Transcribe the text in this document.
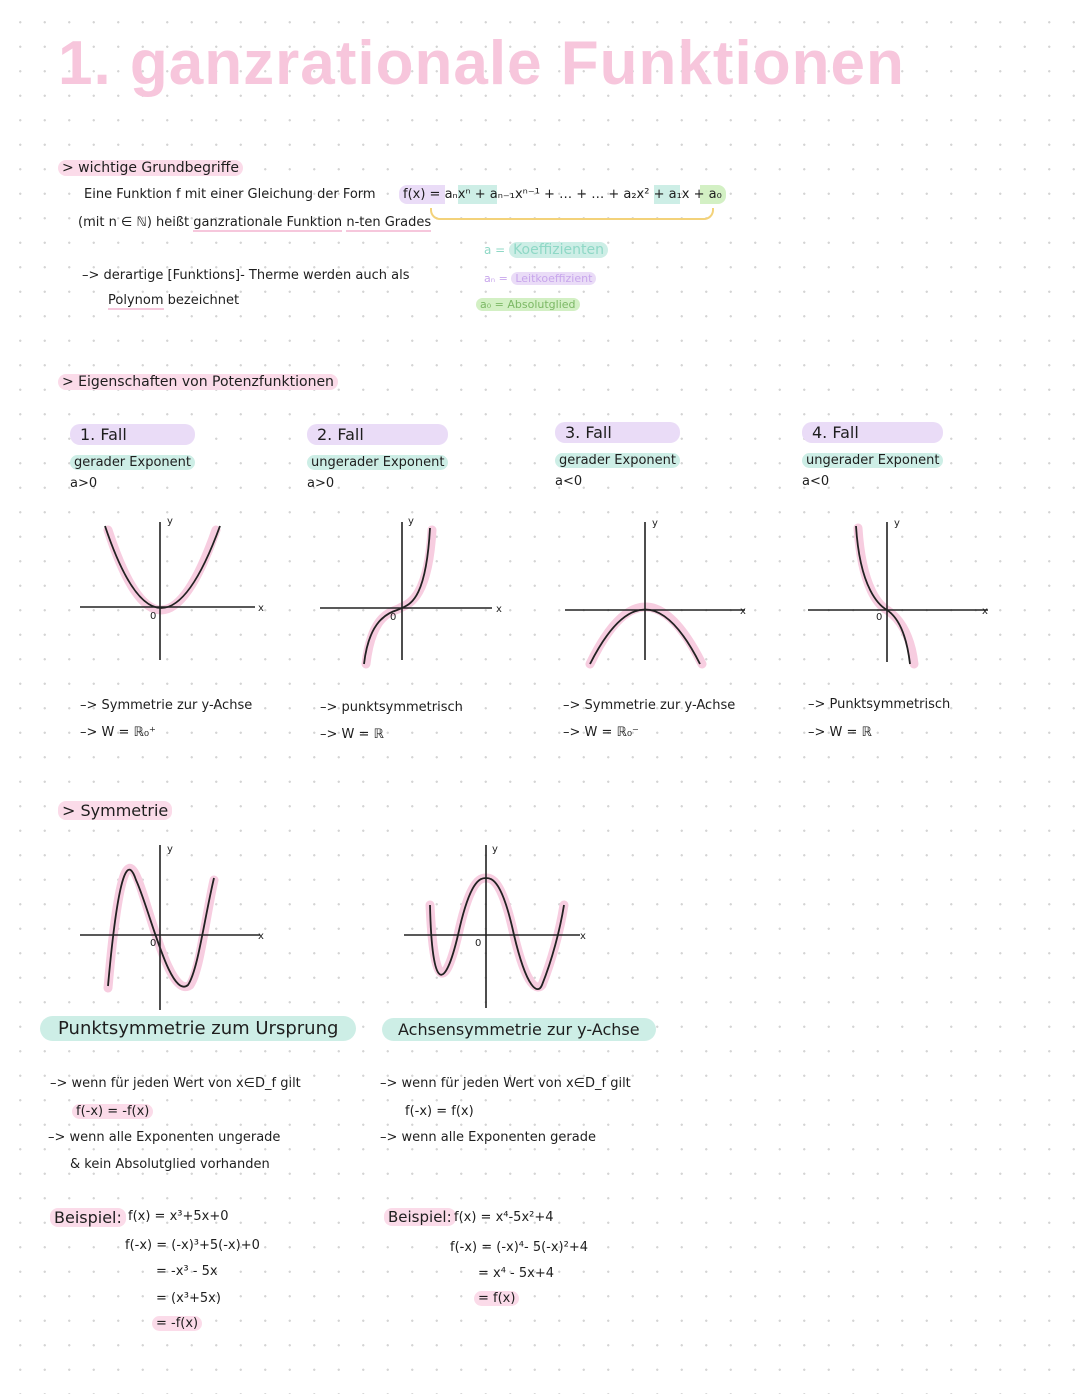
1. ganzrationale Funktionen
> wichtige Grundbegriffe
Eine Funktion f mit einer Gleichung der Form	f(x) = aₙxⁿ + aₙ₋₁xⁿ⁻¹ + … + … + a₂x² + a₁x + a₀
(mit n ∈ ℕ) heißt ganzrationale Funktion n-ten Grades
–> derartige [Funktions]- Therme werden auch als
Polynom bezeichnet
a = Koeffizienten
aₙ = Leitkoeffizient
a₀ = Absolutglied
> Eigenschaften von Potenzfunktionen
1. Fall
gerader Exponent
a>0
2. Fall
ungerader Exponent
a>0
3. Fall
gerader Exponent
a<0
4. Fall
ungerader Exponent
a<0
x
y
0
x
y
0
x
y
x
y
0
x
y
0
x
y
0
–> Symmetrie zur y-Achse
–> W = ℝ₀⁺
–> punktsymmetrisch
–> W = ℝ
–> Symmetrie zur y-Achse
–> W = ℝ₀⁻
–> Punktsymmetrisch
–> W = ℝ
> Symmetrie
Punktsymmetrie zum Ursprung
–> wenn für jeden Wert von x∈D_f gilt
f(-x) = -f(x)
–> wenn alle Exponenten ungerade
& kein Absolutglied vorhanden
Beispiel: f(x) = x³+5x+0
f(-x) = (-x)³+5(-x)+0
= -x³ - 5x
= (x³+5x)
= -f(x)
Achsensymmetrie zur y-Achse
–> wenn für jeden Wert von x∈D_f gilt
f(-x) = f(x)
–> wenn alle Exponenten gerade
Beispiel: f(x) = x⁴-5x²+4
f(-x) = (-x)⁴- 5(-x)²+4
= x⁴ - 5x+4
= f(x)
